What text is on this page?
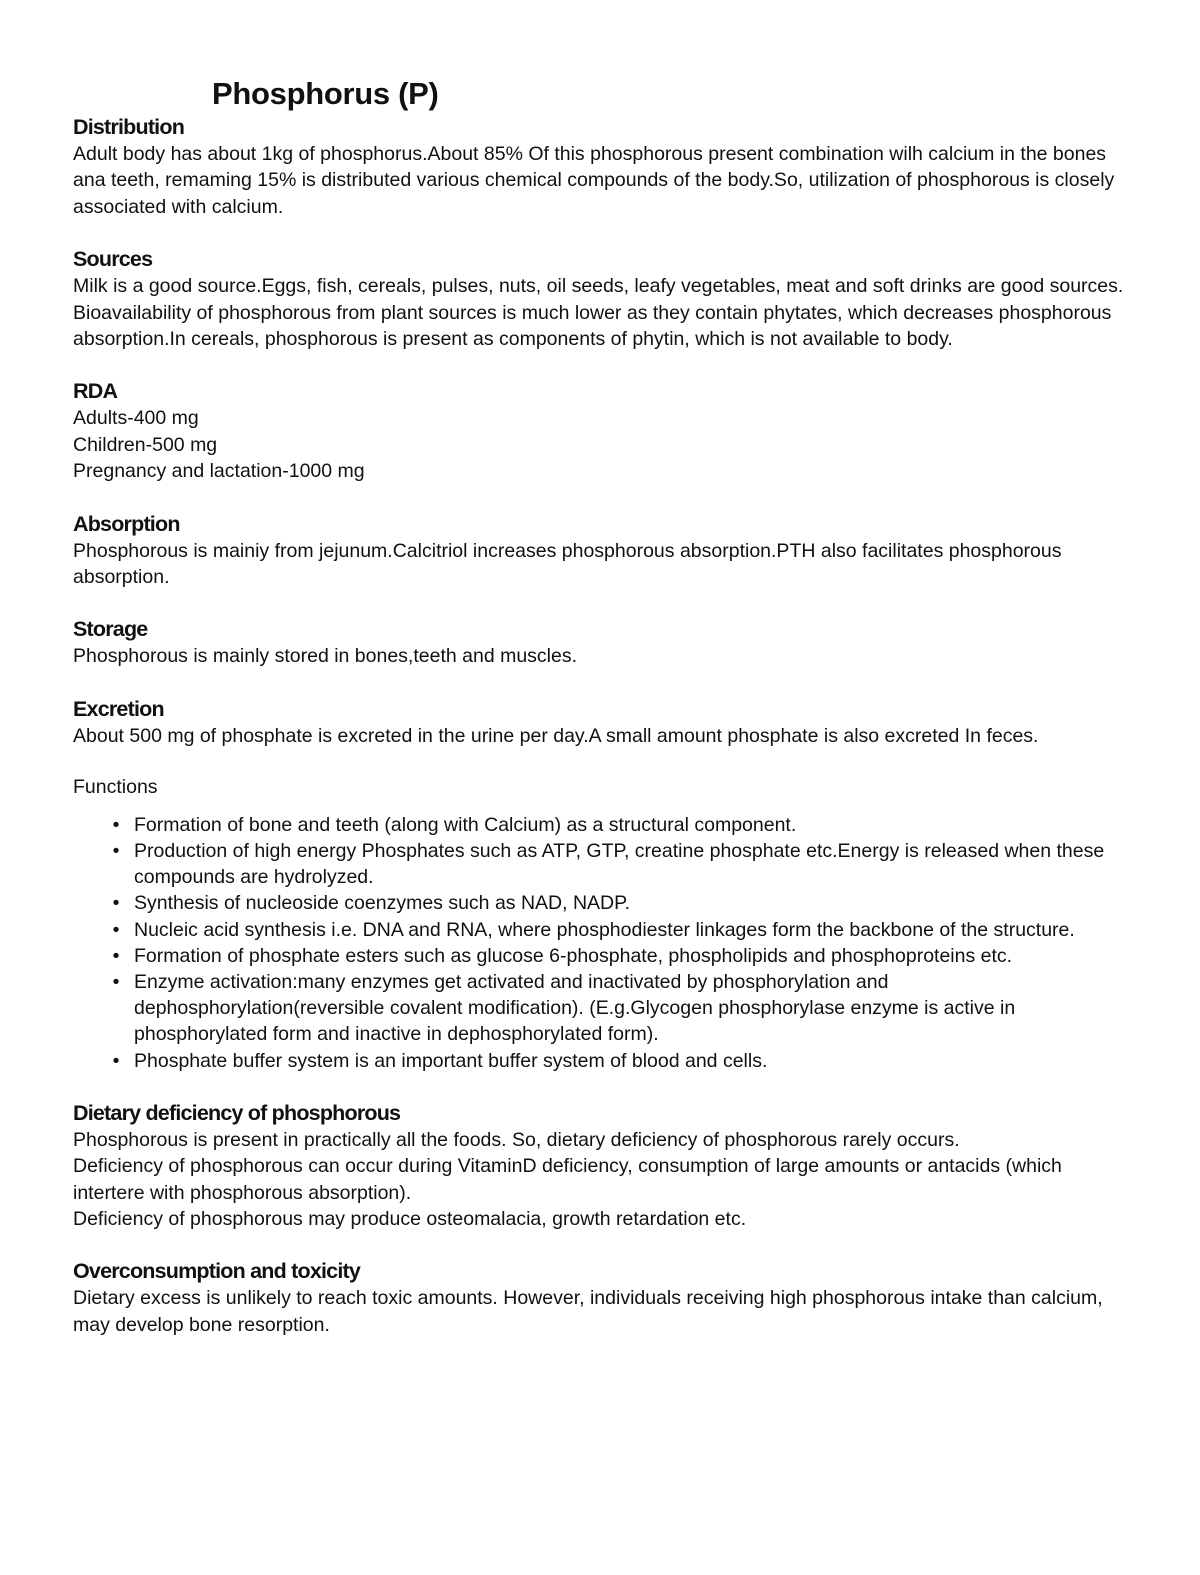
Phosphorus (P)
Distribution

Adult body has about 1kg of phosphorus.About 85% Of this phosphorous present combination wilh calcium in the bones ana teeth, remaming 15% is distributed various chemical compounds of the body.So, utilization of phosphorous is closely associated with calcium.

Sources

Milk is a good source.Eggs, fish, cereals, pulses, nuts, oil seeds, leafy vegetables, meat and soft drinks are good sources.

Bioavailability of phosphorous from plant sources is much lower as they contain phytates, which decreases phosphorous absorption.In cereals, phosphorous is present as components of phytin, which is not available to body.

RDA

Adults-400 mg

Children-500 mg

Pregnancy and lactation-1000 mg

Absorption

Phosphorous is mainiy from jejunum.Calcitriol increases phosphorous absorption.PTH also facilitates phosphorous absorption.

Storage

Phosphorous is mainly stored in bones,teeth and muscles.

Excretion

About 500 mg of phosphate is excreted in the urine per day.A small amount phosphate is also excreted In feces.

Functions

• Formation of bone and teeth (along with Calcium) as a structural component.
• Production of high energy Phosphates such as ATP, GTP, creatine phosphate etc.Energy is released when these compounds are hydrolyzed.
• Synthesis of nucleoside coenzymes such as NAD, NADP.
• Nucleic acid synthesis i.e. DNA and RNA, where phosphodiester linkages form the backbone of the structure.
• Formation of phosphate esters such as glucose 6-phosphate, phospholipids and phosphoproteins etc.
• Enzyme activation:many enzymes get activated and inactivated by phosphorylation and dephosphorylation(reversible covalent modification). (E.g.Glycogen phosphorylase enzyme is active in phosphorylated form and inactive in dephosphorylated form).
• Phosphate buffer system is an important buffer system of blood and cells.
Dietary deficiency of phosphorous

Phosphorous is present in practically all the foods. So, dietary deficiency of phosphorous rarely occurs.

Deficiency of phosphorous can occur during VitaminD deficiency, consumption of large amounts or antacids (which intertere with phosphorous absorption).

Deficiency of phosphorous may produce osteomalacia, growth retardation etc.

Overconsumption and toxicity

Dietary excess is unlikely to reach toxic amounts. However, individuals receiving high phosphorous intake than calcium, may develop bone resorption.
